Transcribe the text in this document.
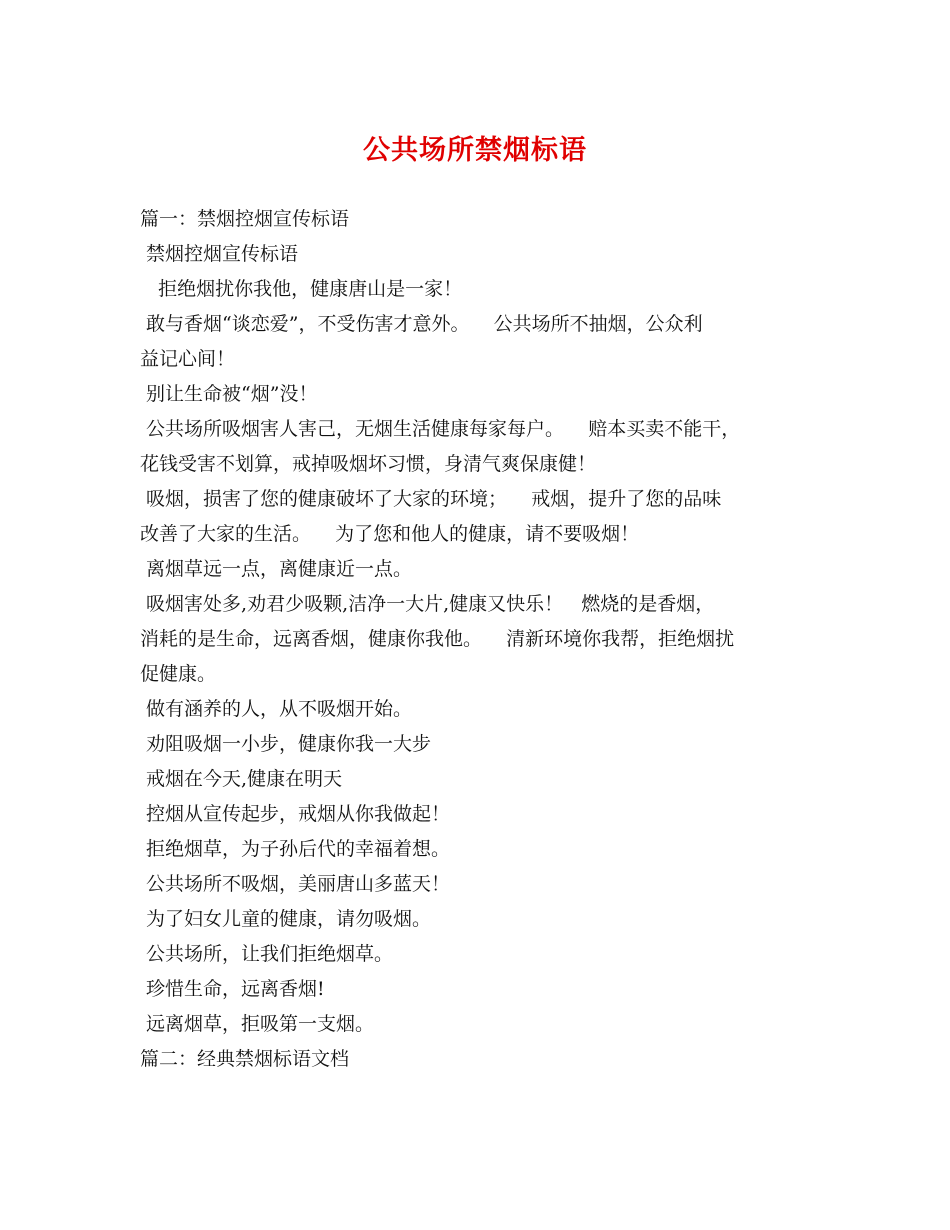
公共场所禁烟标语
篇一：禁烟控烟宣传标语
禁烟控烟宣传标语
拒绝烟扰你我他，健康唐山是一家！
敢与香烟“谈恋爱”，不受伤害才意外。    公共场所不抽烟，公众利
益记心间！
别让生命被“烟”没！
公共场所吸烟害人害己，无烟生活健康每家每户。    赔本买卖不能干，
花钱受害不划算，戒掉吸烟坏习惯，身清气爽保康健！
吸烟，损害了您的健康破坏了大家的环境；    戒烟，提升了您的品味
改善了大家的生活。    为了您和他人的健康，请不要吸烟！
离烟草远一点，离健康近一点。
吸烟害处多,劝君少吸颗,洁净一大片,健康又快乐！   燃烧的是香烟，
消耗的是生命，远离香烟，健康你我他。    清新环境你我帮，拒绝烟扰
促健康。
做有涵养的人，从不吸烟开始。
劝阻吸烟一小步，健康你我一大步
戒烟在今天,健康在明天
控烟从宣传起步，戒烟从你我做起！
拒绝烟草，为子孙后代的幸福着想。
公共场所不吸烟，美丽唐山多蓝天！
为了妇女儿童的健康，请勿吸烟。
公共场所，让我们拒绝烟草。
珍惜生命，远离香烟!
远离烟草，拒吸第一支烟。
篇二：经典禁烟标语文档
